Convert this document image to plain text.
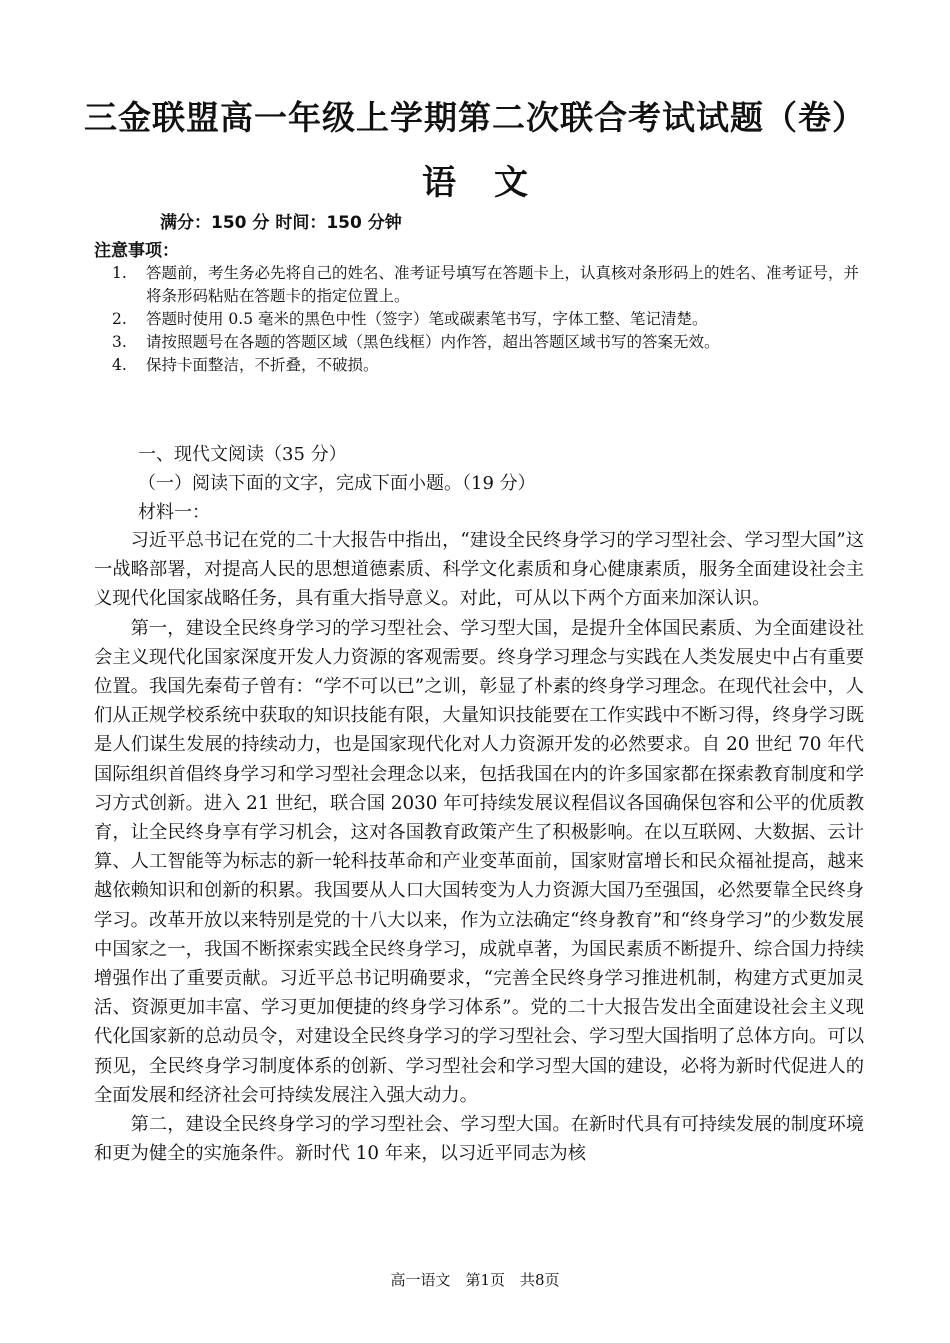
三金联盟高一年级上学期第二次联合考试试题（卷）
语文
满分：150 分 时间：150 分钟
注意事项：
1.	答题前，考生务必先将自己的姓名、准考证号填写在答题卡上，认真核对条形码上的姓名、准考证号，并将条形码粘贴在答题卡的指定位置上。
2.	答题时使用 0.5 毫米的黑色中性（签字）笔或碳素笔书写，字体工整、笔记清楚。
3.	请按照题号在各题的答题区域（黑色线框）内作答，超出答题区域书写的答案无效。
4.	保持卡面整洁，不折叠，不破损。
一、现代文阅读（35 分）
（一）阅读下面的文字，完成下面小题。（19 分）
材料一：

习近平总书记在党的二十大报告中指出，“建设全民终身学习的学习型社会、学习型大国”这一战略部署，对提高人民的思想道德素质、科学文化素质和身心健康素质，服务全面建设社会主义现代化国家战略任务，具有重大指导意义。对此，可从以下两个方面来加深认识。

第一，建设全民终身学习的学习型社会、学习型大国，是提升全体国民素质、为全面建设社会主义现代化国家深度开发人力资源的客观需要。终身学习理念与实践在人类发展史中占有重要位置。我国先秦荀子曾有：“学不可以已”之训，彰显了朴素的终身学习理念。在现代社会中，人们从正规学校系统中获取的知识技能有限，大量知识技能要在工作实践中不断习得，终身学习既是人们谋生发展的持续动力，也是国家现代化对人力资源开发的必然要求。自 20 世纪 70 年代国际组织首倡终身学习和学习型社会理念以来，包括我国在内的许多国家都在探索教育制度和学习方式创新。进入 21 世纪，联合国 2030 年可持续发展议程倡议各国确保包容和公平的优质教育，让全民终身享有学习机会，这对各国教育政策产生了积极影响。在以互联网、大数据、云计算、人工智能等为标志的新一轮科技革命和产业变革面前，国家财富增长和民众福祉提高，越来越依赖知识和创新的积累。我国要从人口大国转变为人力资源大国乃至强国，必然要靠全民终身学习。改革开放以来特别是党的十八大以来，作为立法确定“终身教育”和“终身学习”的少数发展中国家之一，我国不断探索实践全民终身学习，成就卓著，为国民素质不断提升、综合国力持续增强作出了重要贡献。习近平总书记明确要求，“完善全民终身学习推进机制，构建方式更加灵活、资源更加丰富、学习更加便捷的终身学习体系”。党的二十大报告发出全面建设社会主义现代化国家新的总动员令，对建设全民终身学习的学习型社会、学习型大国指明了总体方向。可以预见，全民终身学习制度体系的创新、学习型社会和学习型大国的建设，必将为新时代促进人的全面发展和经济社会可持续发展注入强大动力。

第二，建设全民终身学习的学习型社会、学习型大国。在新时代具有可持续发展的制度环境和更为健全的实施条件。新时代 10 年来，以习近平同志为核

高一语文　第1页　共8页
